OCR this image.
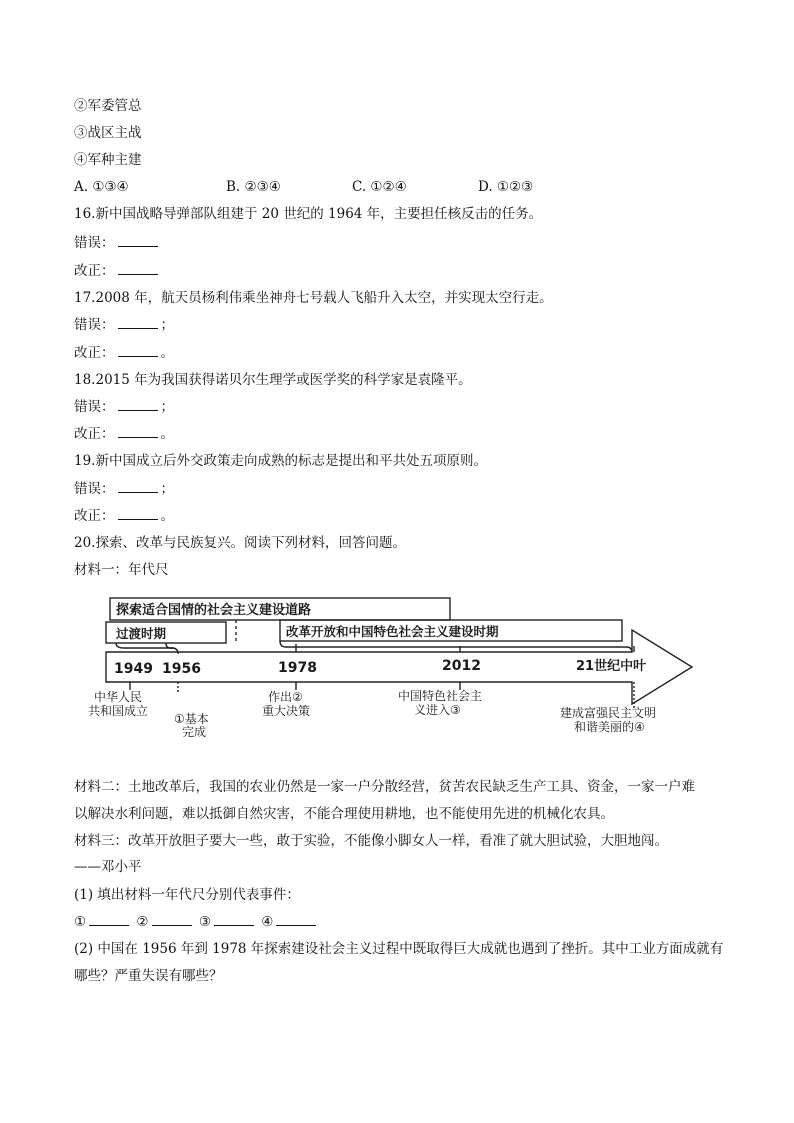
②军委管总
③战区主战
④军种主建
A. ①③④	B. ②③④	C. ①②④	D. ①②③
16.新中国战略导弹部队组建于 20 世纪的 1964 年，主要担任核反击的任务。
错误：
改正：
17.2008 年，航天员杨利伟乘坐神舟七号载人飞船升入太空，并实现太空行走。
错误：	；
改正：	。
18.2015 年为我国获得诺贝尔生理学或医学奖的科学家是袁隆平。
错误：	；
改正：	。
19.新中国成立后外交政策走向成熟的标志是提出和平共处五项原则。
错误：	；
改正：	。
20.探索、改革与民族复兴。阅读下列材料，回答问题。
材料一：年代尺
探索适合国情的社会主义建设道路
过渡时期	改革开放和中国特色社会主义建设时期
1949 1956	1978	2012	21世纪中叶
中华人民
共和国成立
①基本
完成
作出②
重大决策
中国特色社会主
义进入③	建成富强民主文明
和谐美丽的④
材料二：土地改革后，我国的农业仍然是一家一户分散经营，贫苦农民缺乏生产工具、资金，一家一户难
以解决水利问题，难以抵御自然灾害，不能合理使用耕地，也不能使用先进的机械化农具。
材料三：改革开放胆子要大一些，敢于实验，不能像小脚女人一样，看准了就大胆试验，大胆地闯。
——邓小平
(1) 填出材料一年代尺分别代表事件：
①	②	③	④
(2) 中国在 1956 年到 1978 年探索建设社会主义过程中既取得巨大成就也遇到了挫折。其中工业方面成就有
哪些？严重失误有哪些？
